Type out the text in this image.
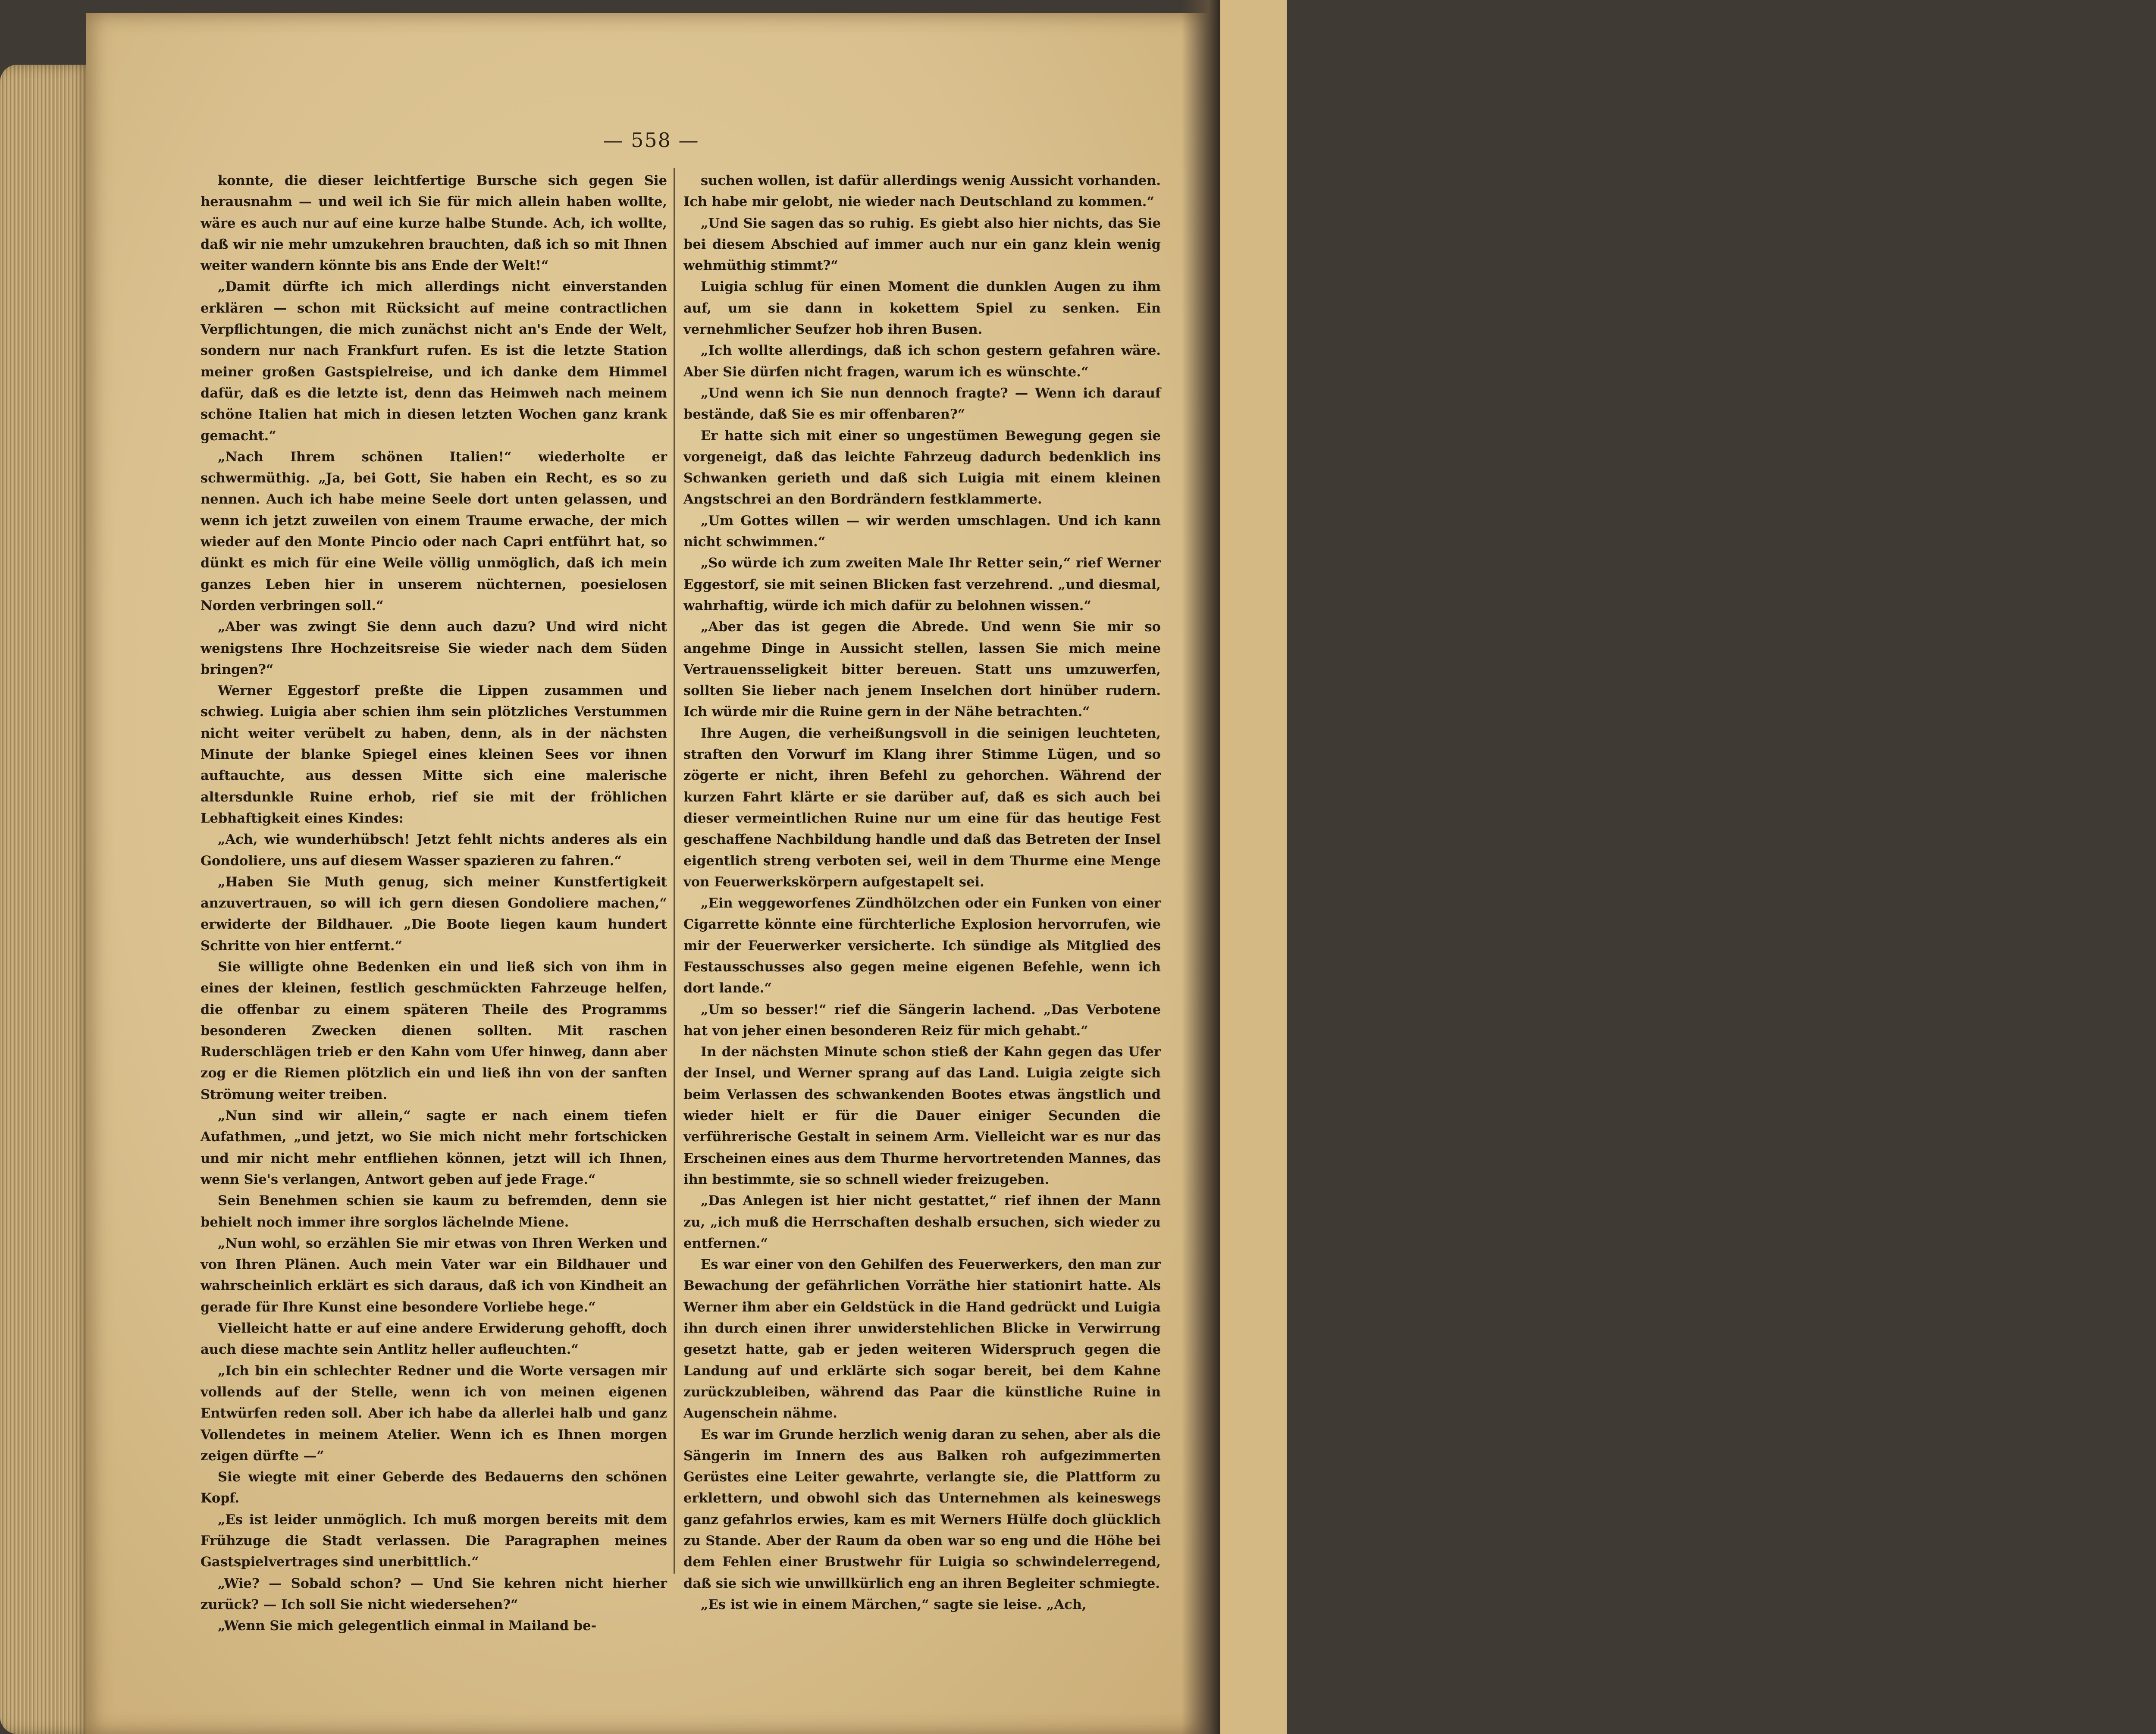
— 558 —

konnte, die dieser leichtfertige Bursche sich gegen Sie herausnahm — und weil ich Sie für mich allein haben wollte, wäre es auch nur auf eine kurze halbe Stunde. Ach, ich wollte, daß wir nie mehr umzukehren brauchten, daß ich so mit Ihnen weiter wandern könnte bis ans Ende der Welt!“

„Damit dürfte ich mich allerdings nicht einverstanden erklären — schon mit Rücksicht auf meine contractlichen Verpflichtungen, die mich zunächst nicht an's Ende der Welt, sondern nur nach Frankfurt rufen. Es ist die letzte Station meiner großen Gastspielreise, und ich danke dem Himmel dafür, daß es die letzte ist, denn das Heimweh nach meinem schöne Italien hat mich in diesen letzten Wochen ganz krank gemacht.“

„Nach Ihrem schönen Italien!“ wiederholte er schwermüthig. „Ja, bei Gott, Sie haben ein Recht, es so zu nennen. Auch ich habe meine Seele dort unten gelassen, und wenn ich jetzt zuweilen von einem Traume erwache, der mich wieder auf den Monte Pincio oder nach Capri entführt hat, so dünkt es mich für eine Weile völlig unmöglich, daß ich mein ganzes Leben hier in unserem nüchternen, poesielosen Norden verbringen soll.“

„Aber was zwingt Sie denn auch dazu? Und wird nicht wenigstens Ihre Hochzeitsreise Sie wieder nach dem Süden bringen?“

Werner Eggestorf preßte die Lippen zusammen und schwieg. Luigia aber schien ihm sein plötzliches Verstummen nicht weiter verübelt zu haben, denn, als in der nächsten Minute der blanke Spiegel eines kleinen Sees vor ihnen auftauchte, aus dessen Mitte sich eine malerische altersdunkle Ruine erhob, rief sie mit der fröhlichen Lebhaftigkeit eines Kindes:

„Ach, wie wunderhübsch! Jetzt fehlt nichts anderes als ein Gondoliere, uns auf diesem Wasser spazieren zu fahren.“

„Haben Sie Muth genug, sich meiner Kunstfertigkeit anzuvertrauen, so will ich gern diesen Gondoliere machen,“ erwiderte der Bildhauer. „Die Boote liegen kaum hundert Schritte von hier entfernt.“

Sie willigte ohne Bedenken ein und ließ sich von ihm in eines der kleinen, festlich geschmückten Fahrzeuge helfen, die offenbar zu einem späteren Theile des Programms besonderen Zwecken dienen sollten. Mit raschen Ruderschlägen trieb er den Kahn vom Ufer hinweg, dann aber zog er die Riemen plötzlich ein und ließ ihn von der sanften Strömung weiter treiben.

„Nun sind wir allein,“ sagte er nach einem tiefen Aufathmen, „und jetzt, wo Sie mich nicht mehr fortschicken und mir nicht mehr entfliehen können, jetzt will ich Ihnen, wenn Sie's verlangen, Antwort geben auf jede Frage.“

Sein Benehmen schien sie kaum zu befremden, denn sie behielt noch immer ihre sorglos lächelnde Miene.

„Nun wohl, so erzählen Sie mir etwas von Ihren Werken und von Ihren Plänen. Auch mein Vater war ein Bildhauer und wahrscheinlich erklärt es sich daraus, daß ich von Kindheit an gerade für Ihre Kunst eine besondere Vorliebe hege.“

Vielleicht hatte er auf eine andere Erwiderung gehofft, doch auch diese machte sein Antlitz heller aufleuchten.“

„Ich bin ein schlechter Redner und die Worte versagen mir vollends auf der Stelle, wenn ich von meinen eigenen Entwürfen reden soll. Aber ich habe da allerlei halb und ganz Vollendetes in meinem Atelier. Wenn ich es Ihnen morgen zeigen dürfte —“

Sie wiegte mit einer Geberde des Bedauerns den schönen Kopf.

„Es ist leider unmöglich. Ich muß morgen bereits mit dem Frühzuge die Stadt verlassen. Die Paragraphen meines Gastspielvertrages sind unerbittlich.“

„Wie? — Sobald schon? — Und Sie kehren nicht hierher zurück? — Ich soll Sie nicht wiedersehen?“

„Wenn Sie mich gelegentlich einmal in Mailand be-

suchen wollen, ist dafür allerdings wenig Aussicht vorhanden. Ich habe mir gelobt, nie wieder nach Deutschland zu kommen.“

„Und Sie sagen das so ruhig. Es giebt also hier nichts, das Sie bei diesem Abschied auf immer auch nur ein ganz klein wenig wehmüthig stimmt?“

Luigia schlug für einen Moment die dunklen Augen zu ihm auf, um sie dann in kokettem Spiel zu senken. Ein vernehmlicher Seufzer hob ihren Busen.

„Ich wollte allerdings, daß ich schon gestern gefahren wäre. Aber Sie dürfen nicht fragen, warum ich es wünschte.“

„Und wenn ich Sie nun dennoch fragte? — Wenn ich darauf bestände, daß Sie es mir offenbaren?“

Er hatte sich mit einer so ungestümen Bewegung gegen sie vorgeneigt, daß das leichte Fahrzeug dadurch bedenklich ins Schwanken gerieth und daß sich Luigia mit einem kleinen Angstschrei an den Bordrändern festklammerte.

„Um Gottes willen — wir werden umschlagen. Und ich kann nicht schwimmen.“

„So würde ich zum zweiten Male Ihr Retter sein,“ rief Werner Eggestorf, sie mit seinen Blicken fast verzehrend. „und diesmal, wahrhaftig, würde ich mich dafür zu belohnen wissen.“

„Aber das ist gegen die Abrede. Und wenn Sie mir so angehme Dinge in Aussicht stellen, lassen Sie mich meine Vertrauensseligkeit bitter bereuen. Statt uns umzuwerfen, sollten Sie lieber nach jenem Inselchen dort hinüber rudern. Ich würde mir die Ruine gern in der Nähe betrachten.“

Ihre Augen, die verheißungsvoll in die seinigen leuchteten, straften den Vorwurf im Klang ihrer Stimme Lügen, und so zögerte er nicht, ihren Befehl zu gehorchen. Während der kurzen Fahrt klärte er sie darüber auf, daß es sich auch bei dieser vermeintlichen Ruine nur um eine für das heutige Fest geschaffene Nachbildung handle und daß das Betreten der Insel eigentlich streng verboten sei, weil in dem Thurme eine Menge von Feuerwerkskörpern aufgestapelt sei.

„Ein weggeworfenes Zündhölzchen oder ein Funken von einer Cigarrette könnte eine fürchterliche Explosion hervorrufen, wie mir der Feuerwerker versicherte. Ich sündige als Mitglied des Festausschusses also gegen meine eigenen Befehle, wenn ich dort lande.“

„Um so besser!“ rief die Sängerin lachend. „Das Verbotene hat von jeher einen besonderen Reiz für mich gehabt.“

In der nächsten Minute schon stieß der Kahn gegen das Ufer der Insel, und Werner sprang auf das Land. Luigia zeigte sich beim Verlassen des schwankenden Bootes etwas ängstlich und wieder hielt er für die Dauer einiger Secunden die verführerische Gestalt in seinem Arm. Vielleicht war es nur das Erscheinen eines aus dem Thurme hervortretenden Mannes, das ihn bestimmte, sie so schnell wieder freizugeben.

„Das Anlegen ist hier nicht gestattet,“ rief ihnen der Mann zu, „ich muß die Herrschaften deshalb ersuchen, sich wieder zu entfernen.“

Es war einer von den Gehilfen des Feuerwerkers, den man zur Bewachung der gefährlichen Vorräthe hier stationirt hatte. Als Werner ihm aber ein Geldstück in die Hand gedrückt und Luigia ihn durch einen ihrer unwiderstehlichen Blicke in Verwirrung gesetzt hatte, gab er jeden weiteren Widerspruch gegen die Landung auf und erklärte sich sogar bereit, bei dem Kahne zurückzubleiben, während das Paar die künstliche Ruine in Augenschein nähme.

Es war im Grunde herzlich wenig daran zu sehen, aber als die Sängerin im Innern des aus Balken roh aufgezimmerten Gerüstes eine Leiter gewahrte, verlangte sie, die Plattform zu erklettern, und obwohl sich das Unternehmen als keineswegs ganz gefahrlos erwies, kam es mit Werners Hülfe doch glücklich zu Stande. Aber der Raum da oben war so eng und die Höhe bei dem Fehlen einer Brustwehr für Luigia so schwindelerregend, daß sie sich wie unwillkürlich eng an ihren Begleiter schmiegte.

„Es ist wie in einem Märchen,“ sagte sie leise. „Ach,
